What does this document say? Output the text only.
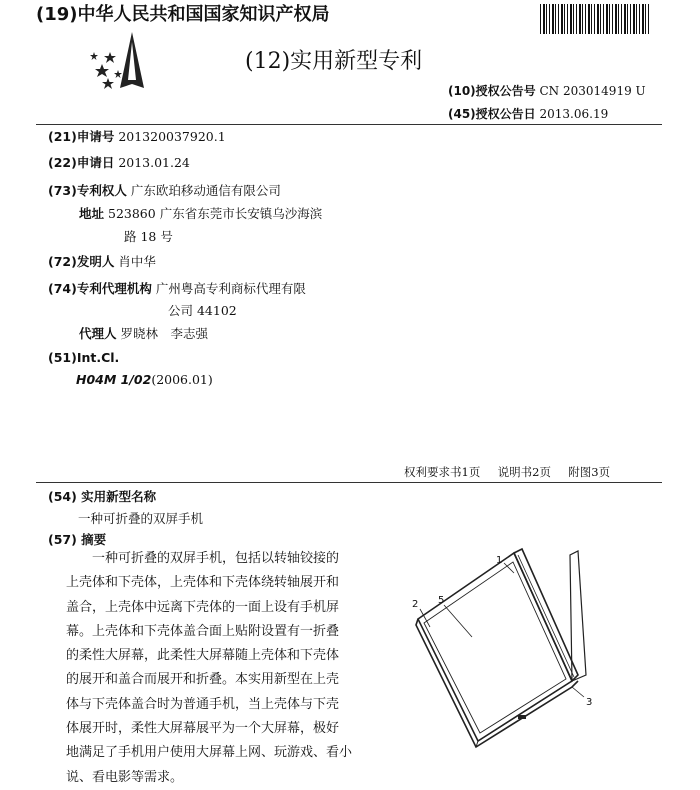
(19)中华人民共和国国家知识产权局
(12)实用新型专利
(10)授权公告号 CN 203014919 U
(45)授权公告日 2013.06.19
(21)申请号 201320037920.1
(22)申请日 2013.01.24
(73)专利权人 广东欧珀移动通信有限公司
地址 523860 广东省东莞市长安镇乌沙海滨
路 18 号
(72)发明人 肖中华
(74)专利代理机构 广州粤高专利商标代理有限
公司 44102
代理人 罗晓林　李志强
(51)Int.Cl.
H04M 1/02(2006.01)
权利要求书1页 说明书2页 附图3页
(54) 实用新型名称
一种可折叠的双屏手机
(57) 摘要

　　一种可折叠的双屏手机，包括以转轴铰接的

上壳体和下壳体，上壳体和下壳体绕转轴展开和

盖合，上壳体中远离下壳体的一面上设有手机屏

幕。上壳体和下壳体盖合面上贴附设置有一折叠

的柔性大屏幕，此柔性大屏幕随上壳体和下壳体

的展开和盖合而展开和折叠。本实用新型在上壳

体与下壳体盖合时为普通手机，当上壳体与下壳

体展开时，柔性大屏幕展平为一个大屏幕，极好

地满足了手机用户使用大屏幕上网、玩游戏、看小

说、看电影等需求。

1
2 5
3
